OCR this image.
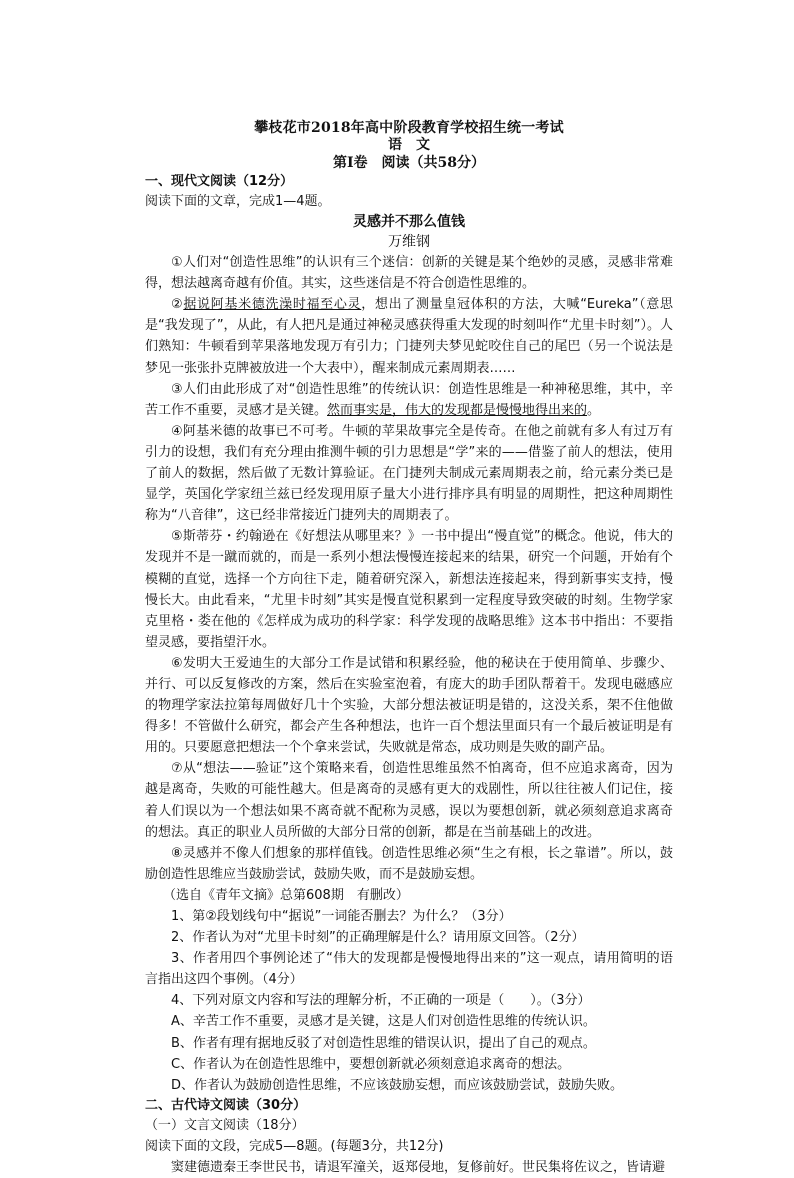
攀枝花市2018年高中阶段教育学校招生统一考试
语　文
第Ⅰ卷　阅读（共58分）
一、现代文阅读（12分）
阅读下面的文章，完成1—4题。
灵感并不那么值钱
万维钢

①人们对“创造性思维”的认识有三个迷信：创新的关键是某个绝妙的灵感，灵感非常难得，想法越离奇越有价值。其实，这些迷信是不符合创造性思维的。

②据说阿基米德洗澡时福至心灵，想出了测量皇冠体积的方法，大喊“Eureka”（意思是“我发现了”，从此，有人把凡是通过神秘灵感获得重大发现的时刻叫作“尤里卡时刻”）。人们熟知：牛顿看到苹果落地发现万有引力；门捷列夫梦见蛇咬住自己的尾巴（另一个说法是梦见一张张扑克牌被放进一个大表中），醒来制成元素周期表……

③人们由此形成了对“创造性思维”的传统认识：创造性思维是一种神秘思维，其中，辛苦工作不重要，灵感才是关键。然而事实是，伟大的发现都是慢慢地得出来的。

④阿基米德的故事已不可考。牛顿的苹果故事完全是传奇。在他之前就有多人有过万有引力的设想，我们有充分理由推测牛顿的引力思想是“学”来的——借鉴了前人的想法，使用了前人的数据，然后做了无数计算验证。在门捷列夫制成元素周期表之前，给元素分类已是显学，英国化学家纽兰兹已经发现用原子量大小进行排序具有明显的周期性，把这种周期性称为“八音律”，这已经非常接近门捷列夫的周期表了。

⑤斯蒂芬・约翰逊在《好想法从哪里来？》一书中提出“慢直觉”的概念。他说，伟大的发现并不是一蹴而就的，而是一系列小想法慢慢连接起来的结果，研究一个问题，开始有个模糊的直觉，选择一个方向往下走，随着研究深入，新想法连接起来，得到新事实支持，慢慢长大。由此看来，“尤里卡时刻”其实是慢直觉积累到一定程度导致突破的时刻。生物学家克里格・娄在他的《怎样成为成功的科学家：科学发现的战略思维》这本书中指出：不要指望灵感，要指望汗水。

⑥发明大王爱迪生的大部分工作是试错和积累经验，他的秘诀在于使用简单、步骤少、并行、可以反复修改的方案，然后在实验室泡着，有庞大的助手团队帮着干。发现电磁感应的物理学家法拉第每周做好几十个实验，大部分想法被证明是错的，这没关系，架不住他做得多！不管做什么研究，都会产生各种想法，也许一百个想法里面只有一个最后被证明是有用的。只要愿意把想法一个个拿来尝试，失败就是常态，成功则是失败的副产品。

⑦从“想法——验证”这个策略来看，创造性思维虽然不怕离奇，但不应追求离奇，因为越是离奇，失败的可能性越大。但是离奇的灵感有更大的戏剧性，所以往往被人们记住，接着人们误以为一个想法如果不离奇就不配称为灵感，误以为要想创新，就必须刻意追求离奇的想法。真正的职业人员所做的大部分日常的创新，都是在当前基础上的改进。

⑧灵感并不像人们想象的那样值钱。创造性思维必须“生之有根，长之靠谱”。所以，鼓励创造性思维应当鼓励尝试，鼓励失败，而不是鼓励妄想。

（选自《青年文摘》总第608期　有删改）

1、第②段划线句中“据说”一词能否删去？为什么？（3分）

2、作者认为对“尤里卡时刻”的正确理解是什么？请用原文回答。（2分）

3、作者用四个事例论述了“伟大的发现都是慢慢地得出来的”这一观点，请用简明的语言指出这四个事例。（4分）

4、下列对原文内容和写法的理解分析，不正确的一项是（　　）。（3分）

A、辛苦工作不重要，灵感才是关键，这是人们对创造性思维的传统认识。

B、作者有理有据地反驳了对创造性思维的错误认识，提出了自己的观点。

C、作者认为在创造性思维中，要想创新就必须刻意追求离奇的想法。

D、作者认为鼓励创造性思维，不应该鼓励妄想，而应该鼓励尝试，鼓励失败。

二、古代诗文阅读（30分）
（一）文言文阅读（18分）
阅读下面的文段，完成5—8题。(每题3分，共12分)

窦建德遗秦王李世民书，请退军潼关，返郑侵地，复修前好。世民集将佐议之，皆请避
